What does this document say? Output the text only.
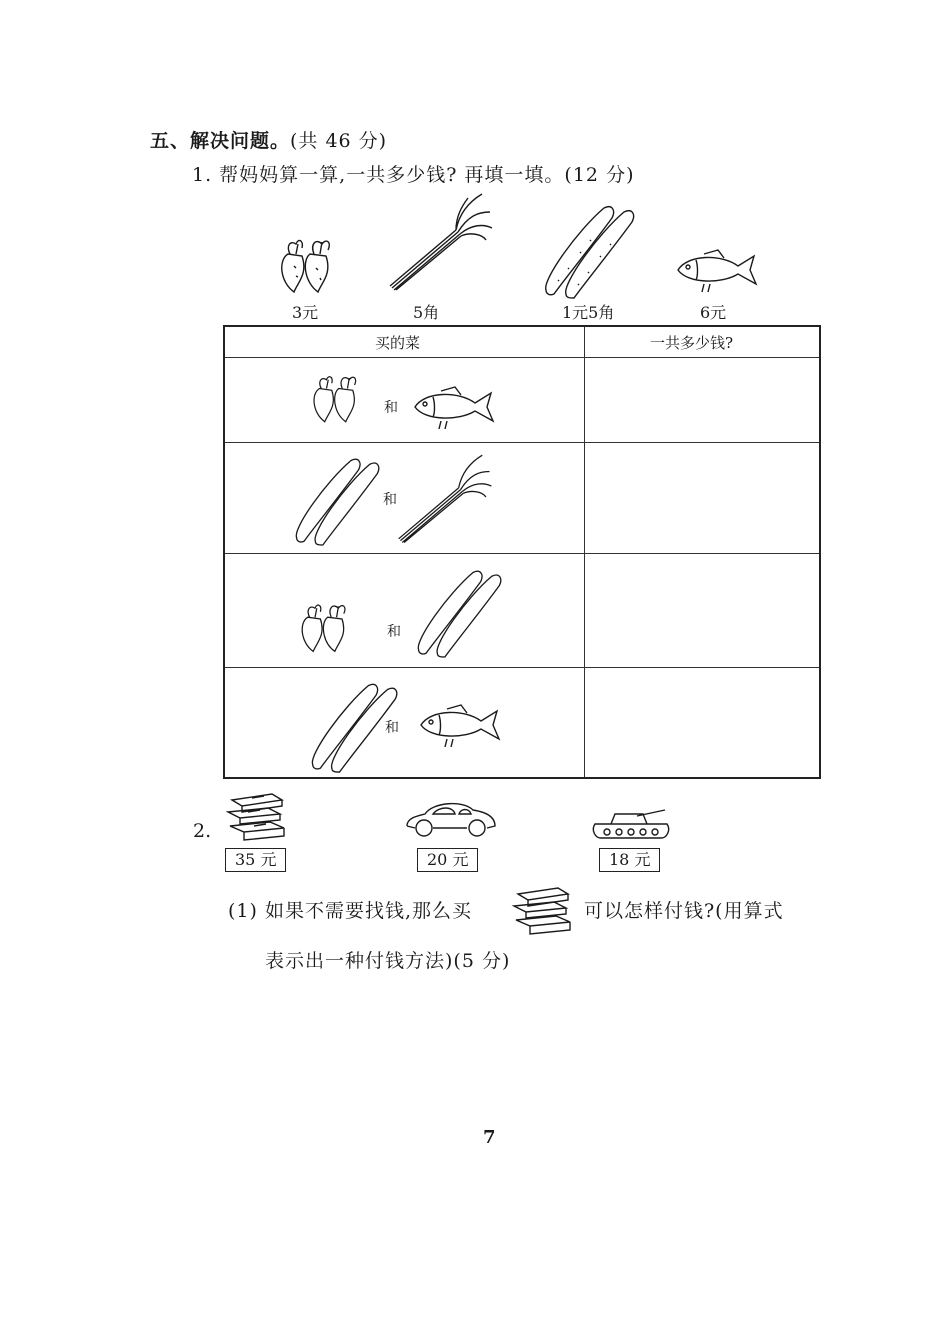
五、解决问题。(共 46 分)
1. 帮妈妈算一算,一共多少钱? 再填一填。(12 分)
3元	5角	1元5角	6元
买的菜	一共多少钱?
和
和
和
和
2.
35 元	20 元	18 元
(1) 如果不需要找钱,那么买	可以怎样付钱?(用算式
表示出一种付钱方法)(5 分)
7
